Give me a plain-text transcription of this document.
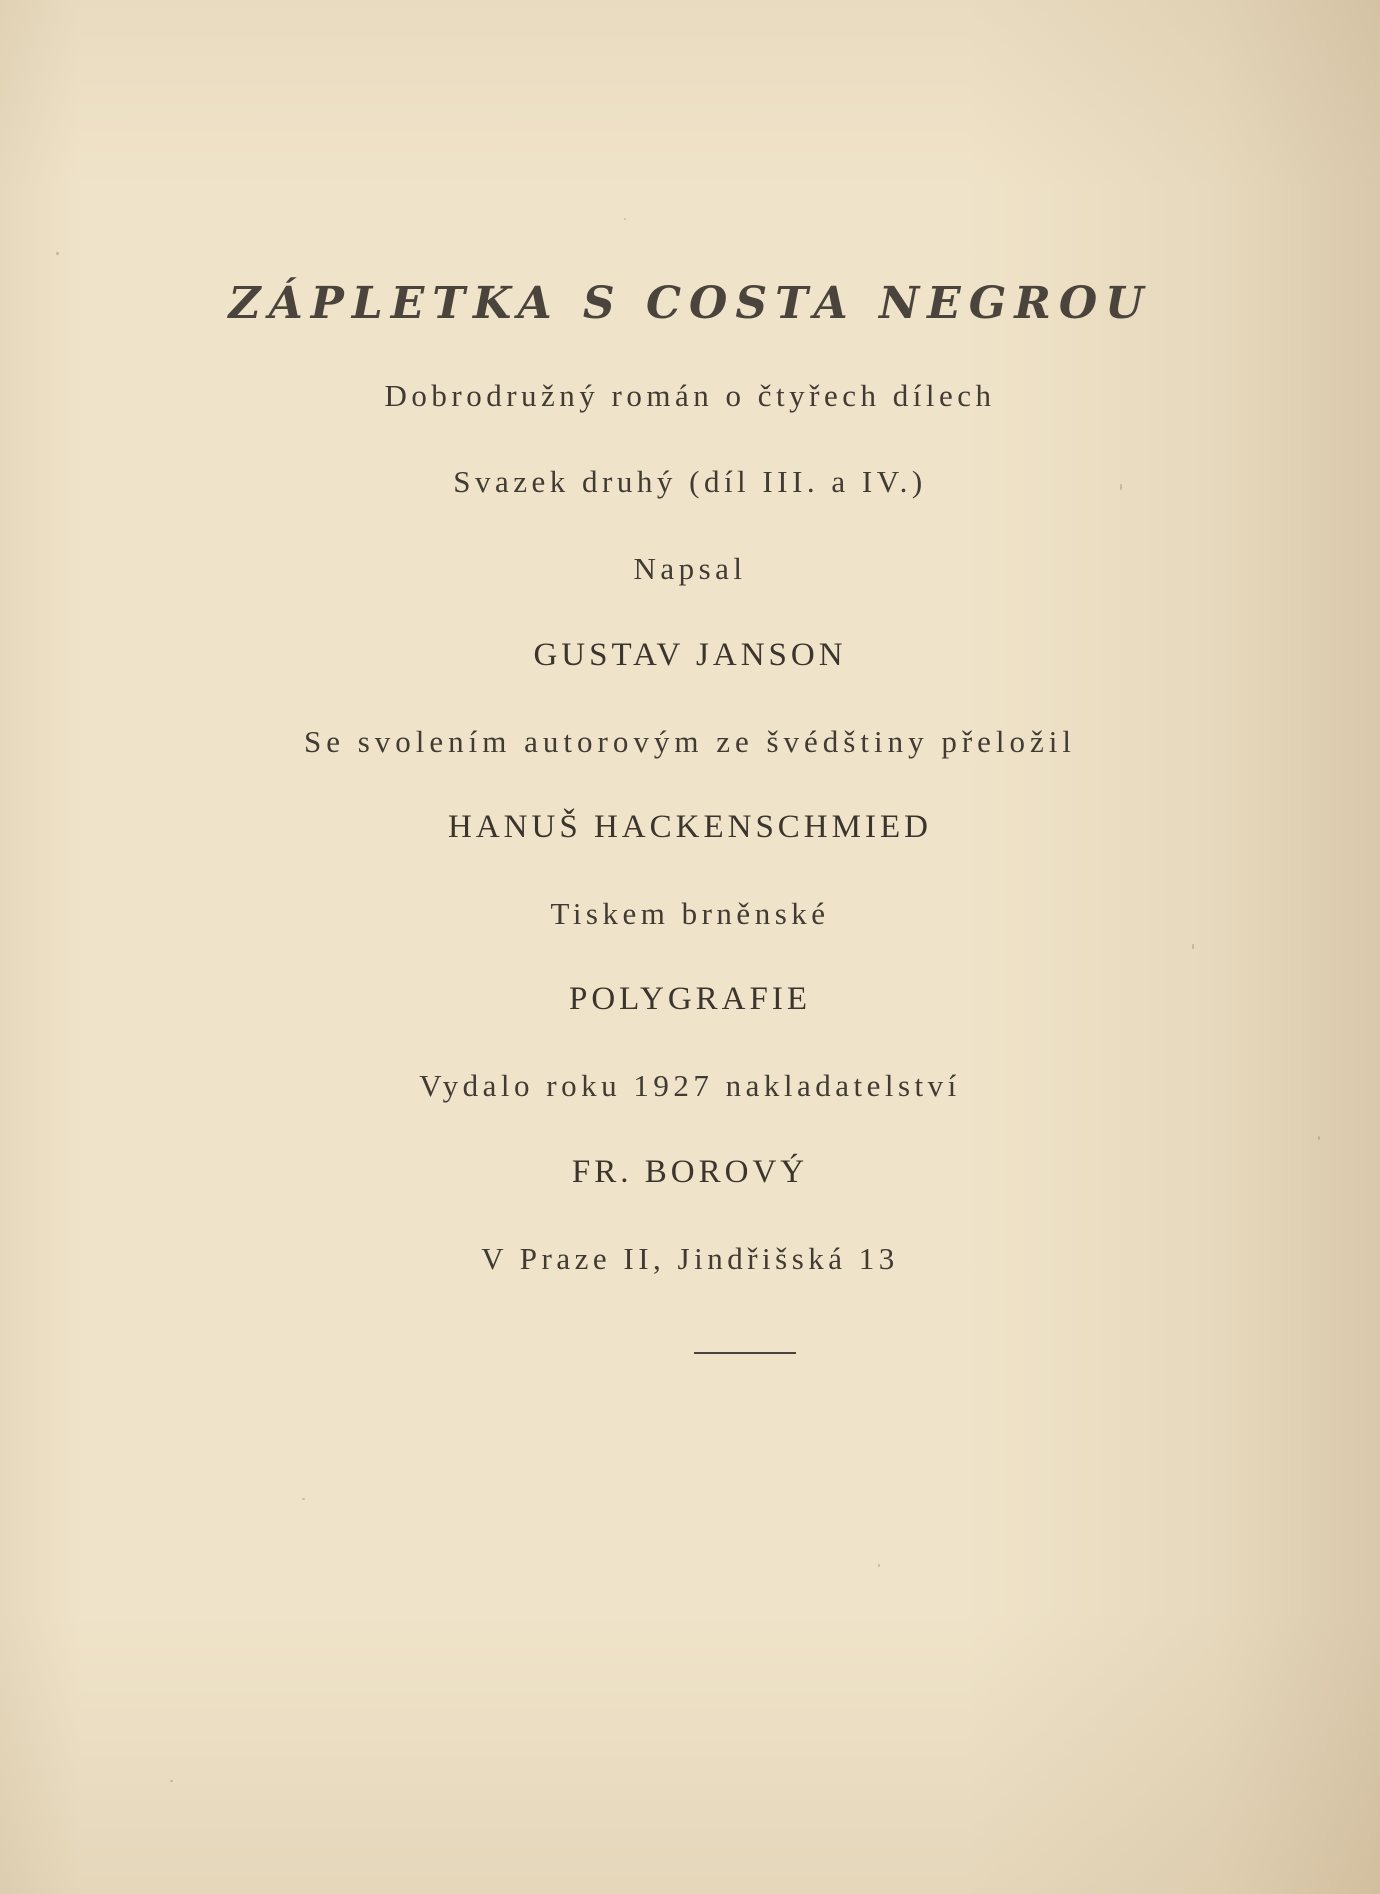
ZÁPLETKA S COSTA NEGROU

Dobrodružný román o čtyřech dílech

Svazek druhý (díl III. a IV.)

Napsal

GUSTAV JANSON

Se svolením autorovým ze švédštiny přeložil

HANUŠ HACKENSCHMIED

Tiskem brněnské

POLYGRAFIE

Vydalo roku 1927 nakladatelství

FR. BOROVÝ

V Praze II, Jindřišská 13
